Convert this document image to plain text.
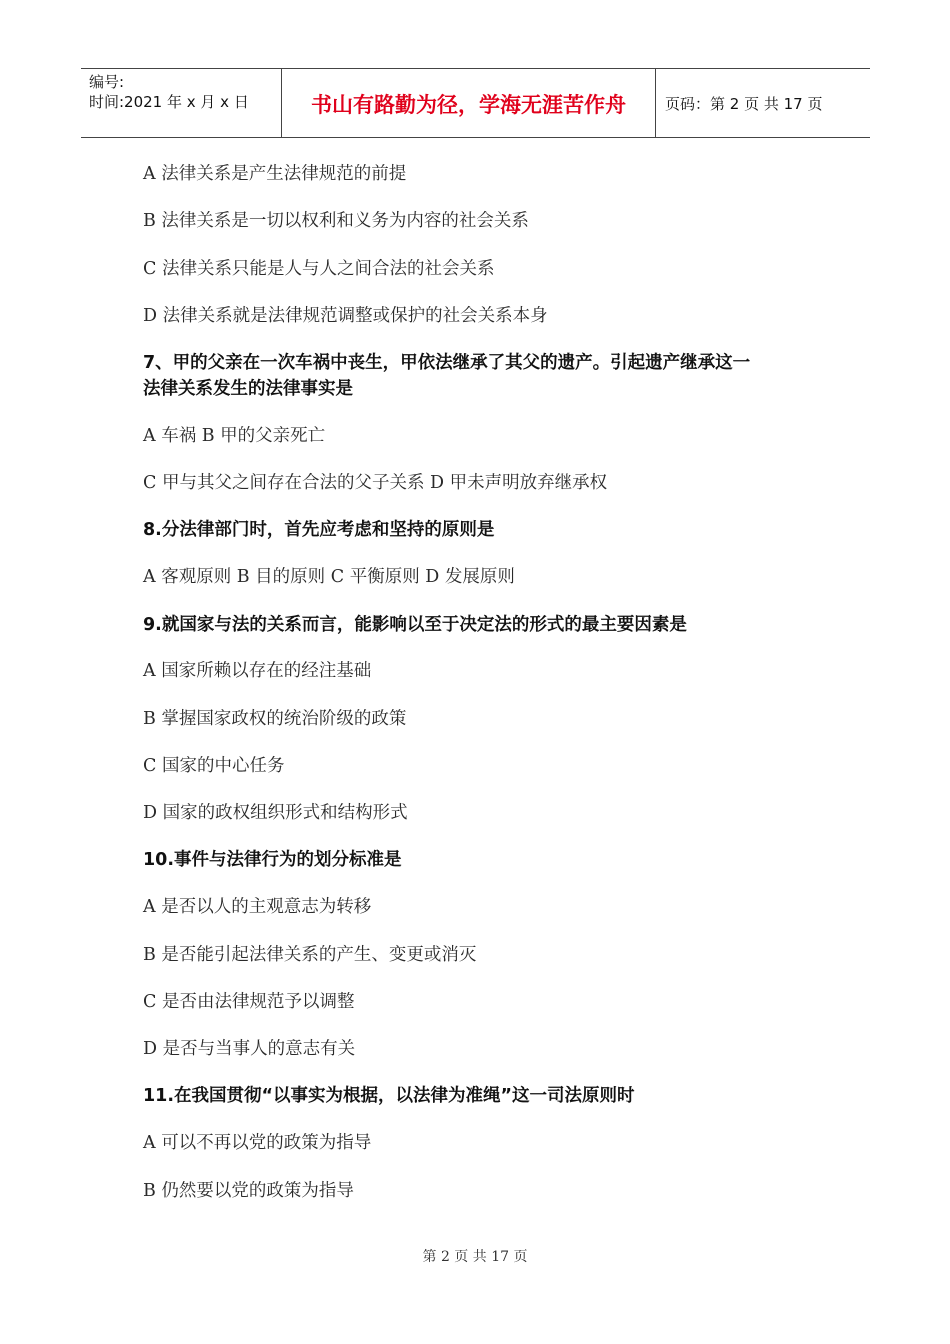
编号:
时间:2021 年 x 月 x 日	书山有路勤为径，学海无涯苦作舟	页码：第 2 页 共 17 页
A 法律关系是产生法律规范的前提
B 法律关系是一切以权利和义务为内容的社会关系
C 法律关系只能是人与人之间合法的社会关系
D 法律关系就是法律规范调整或保护的社会关系本身
7、甲的父亲在一次车祸中丧生，甲依法继承了其父的遗产。引起遗产继承这一
法律关系发生的法律事实是
A 车祸 B 甲的父亲死亡
C 甲与其父之间存在合法的父子关系 D 甲未声明放弃继承权
8.分法律部门时，首先应考虑和坚持的原则是
A 客观原则 B 目的原则 C 平衡原则 D 发展原则
9.就国家与法的关系而言，能影响以至于决定法的形式的最主要因素是
A 国家所赖以存在的经注基础
B 掌握国家政权的统治阶级的政策
C 国家的中心任务
D 国家的政权组织形式和结构形式
10.事件与法律行为的划分标准是
A 是否以人的主观意志为转移
B 是否能引起法律关系的产生、变更或消灭
C 是否由法律规范予以调整
D 是否与当事人的意志有关
11.在我国贯彻“以事实为根据，以法律为准绳”这一司法原则时
A 可以不再以党的政策为指导
B 仍然要以党的政策为指导
第 2 页 共 17 页
